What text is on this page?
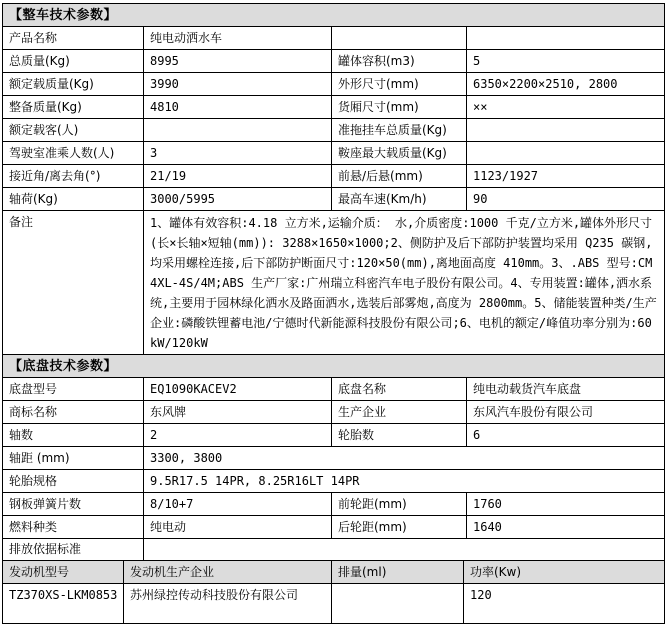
【整车技术参数】			
产品名称	纯电动洒水车		
总质量(Kg)	8995	罐体容积(m3)	5
额定载质量(Kg)	3990	外形尺寸(mm)	6350×2200×2510, 2800
整备质量(Kg)	4810	货厢尺寸(mm)	××
额定载客(人)		准拖挂车总质量(Kg)	
驾驶室准乘人数(人)	3	鞍座最大载质量(Kg)	
接近角/离去角(°)	21/19	前悬/后悬(mm)	1123/1927
轴荷(Kg)	3000/5995	最高车速(Km/h)	90
备注	1、罐体有效容积:4.18 立方米,运输介质： 水,介质密度:1000 千克/立方米,罐体外形尺寸(长×长轴×短轴(mm)): 3288×1650×1000;2、侧防护及后下部防护装置均采用 Q235 碳钢,均采用螺栓连接,后下部防护断面尺寸:120×50(mm),离地面高度 410mm。3、.ABS 型号:CM4XL-4S/4M;ABS 生产厂家:广州瑞立科密汽车电子股份有限公司。4、专用装置:罐体,洒水系统,主要用于园林绿化洒水及路面洒水,选装后部雾炮,高度为 2800mm。5、储能装置种类/生产企业:磷酸铁锂蓄电池/宁德时代新能源科技股份有限公司;6、电机的额定/峰值功率分别为:60kW/120kW		
【底盘技术参数】			
底盘型号	EQ1090KACEV2	底盘名称	纯电动载货汽车底盘
商标名称	东风牌	生产企业	东风汽车股份有限公司
轴数	2	轮胎数	6
轴距 (mm)	3300, 3800		
轮胎规格	9.5R17.5 14PR, 8.25R16LT 14PR		
钢板弹簧片数	8/10+7	前轮距(mm)	1760
燃料种类	纯电动	后轮距(mm)	1640
排放依据标准			
发动机型号	发动机生产企业	排量(ml)	功率(Kw)
TZ370XS-LKM0853	苏州绿控传动科技股份有限公司		120
